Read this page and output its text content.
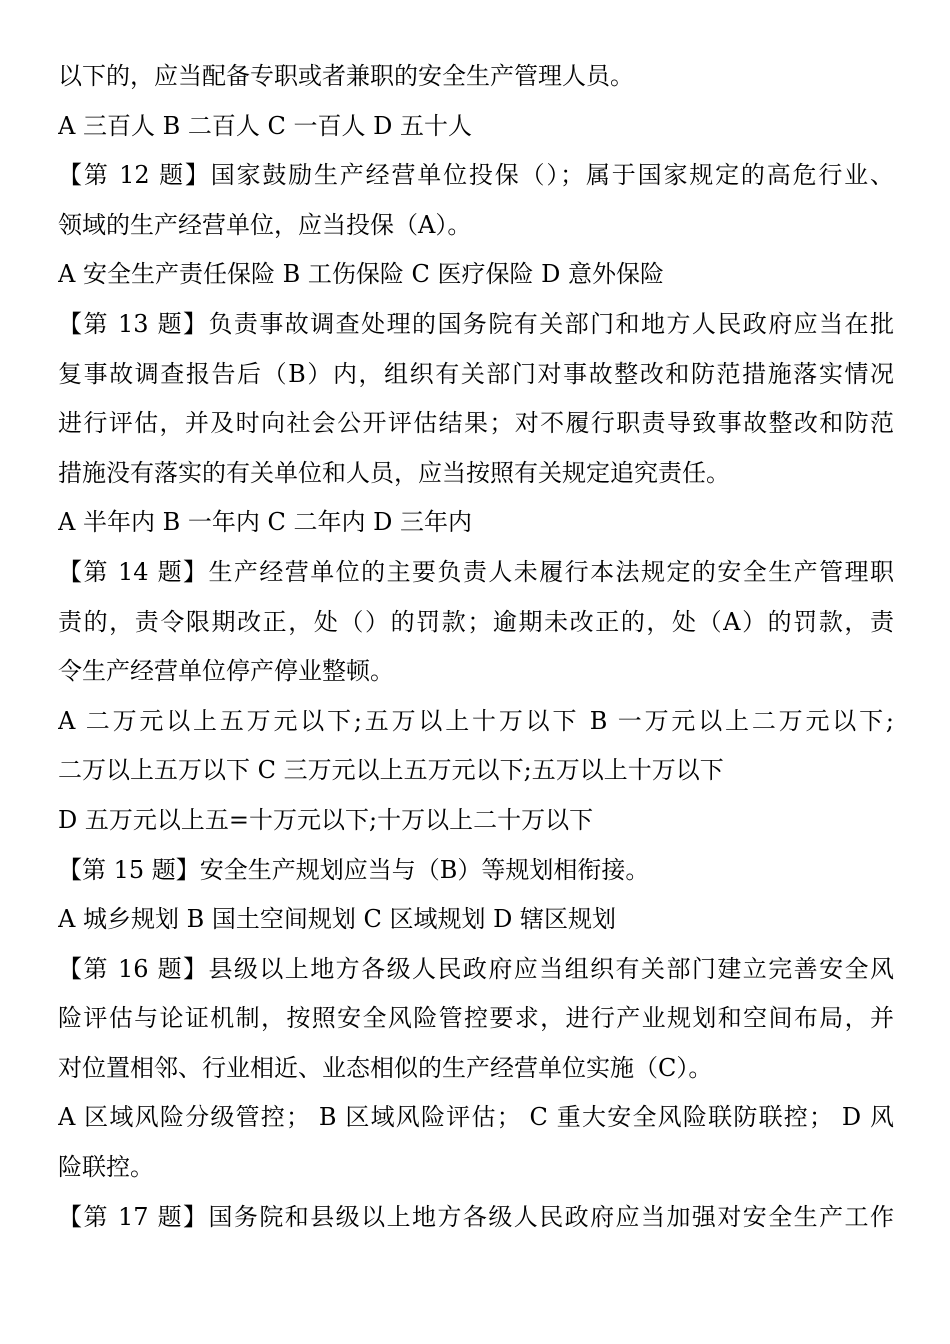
以下的，应当配备专职或者兼职的安全生产管理人员。
A 三百人 B 二百人 C 一百人 D 五十人
【第 12 题】国家鼓励生产经营单位投保（）；属于国家规定的高危行业、
领域的生产经营单位，应当投保（A）。
A 安全生产责任保险 B 工伤保险 C 医疗保险 D 意外保险
【第 13 题】负责事故调查处理的国务院有关部门和地方人民政府应当在批
复事故调查报告后（B）内，组织有关部门对事故整改和防范措施落实情况
进行评估，并及时向社会公开评估结果；对不履行职责导致事故整改和防范
措施没有落实的有关单位和人员，应当按照有关规定追究责任。
A 半年内 B 一年内 C 二年内 D 三年内
【第 14 题】生产经营单位的主要负责人未履行本法规定的安全生产管理职
责的，责令限期改正，处（）的罚款；逾期未改正的，处（A）的罚款，责
令生产经营单位停产停业整顿。
A 二万元以上五万元以下;五万以上十万以下 B 一万元以上二万元以下;
二万以上五万以下 C 三万元以上五万元以下;五万以上十万以下
D 五万元以上五=十万元以下;十万以上二十万以下
【第 15 题】安全生产规划应当与（B）等规划相衔接。
A 城乡规划 B 国土空间规划 C 区域规划 D 辖区规划
【第 16 题】县级以上地方各级人民政府应当组织有关部门建立完善安全风
险评估与论证机制，按照安全风险管控要求，进行产业规划和空间布局，并
对位置相邻、行业相近、业态相似的生产经营单位实施（C）。
A 区域风险分级管控； B 区域风险评估； C 重大安全风险联防联控； D 风
险联控。
【第 17 题】国务院和县级以上地方各级人民政府应当加强对安全生产工作
